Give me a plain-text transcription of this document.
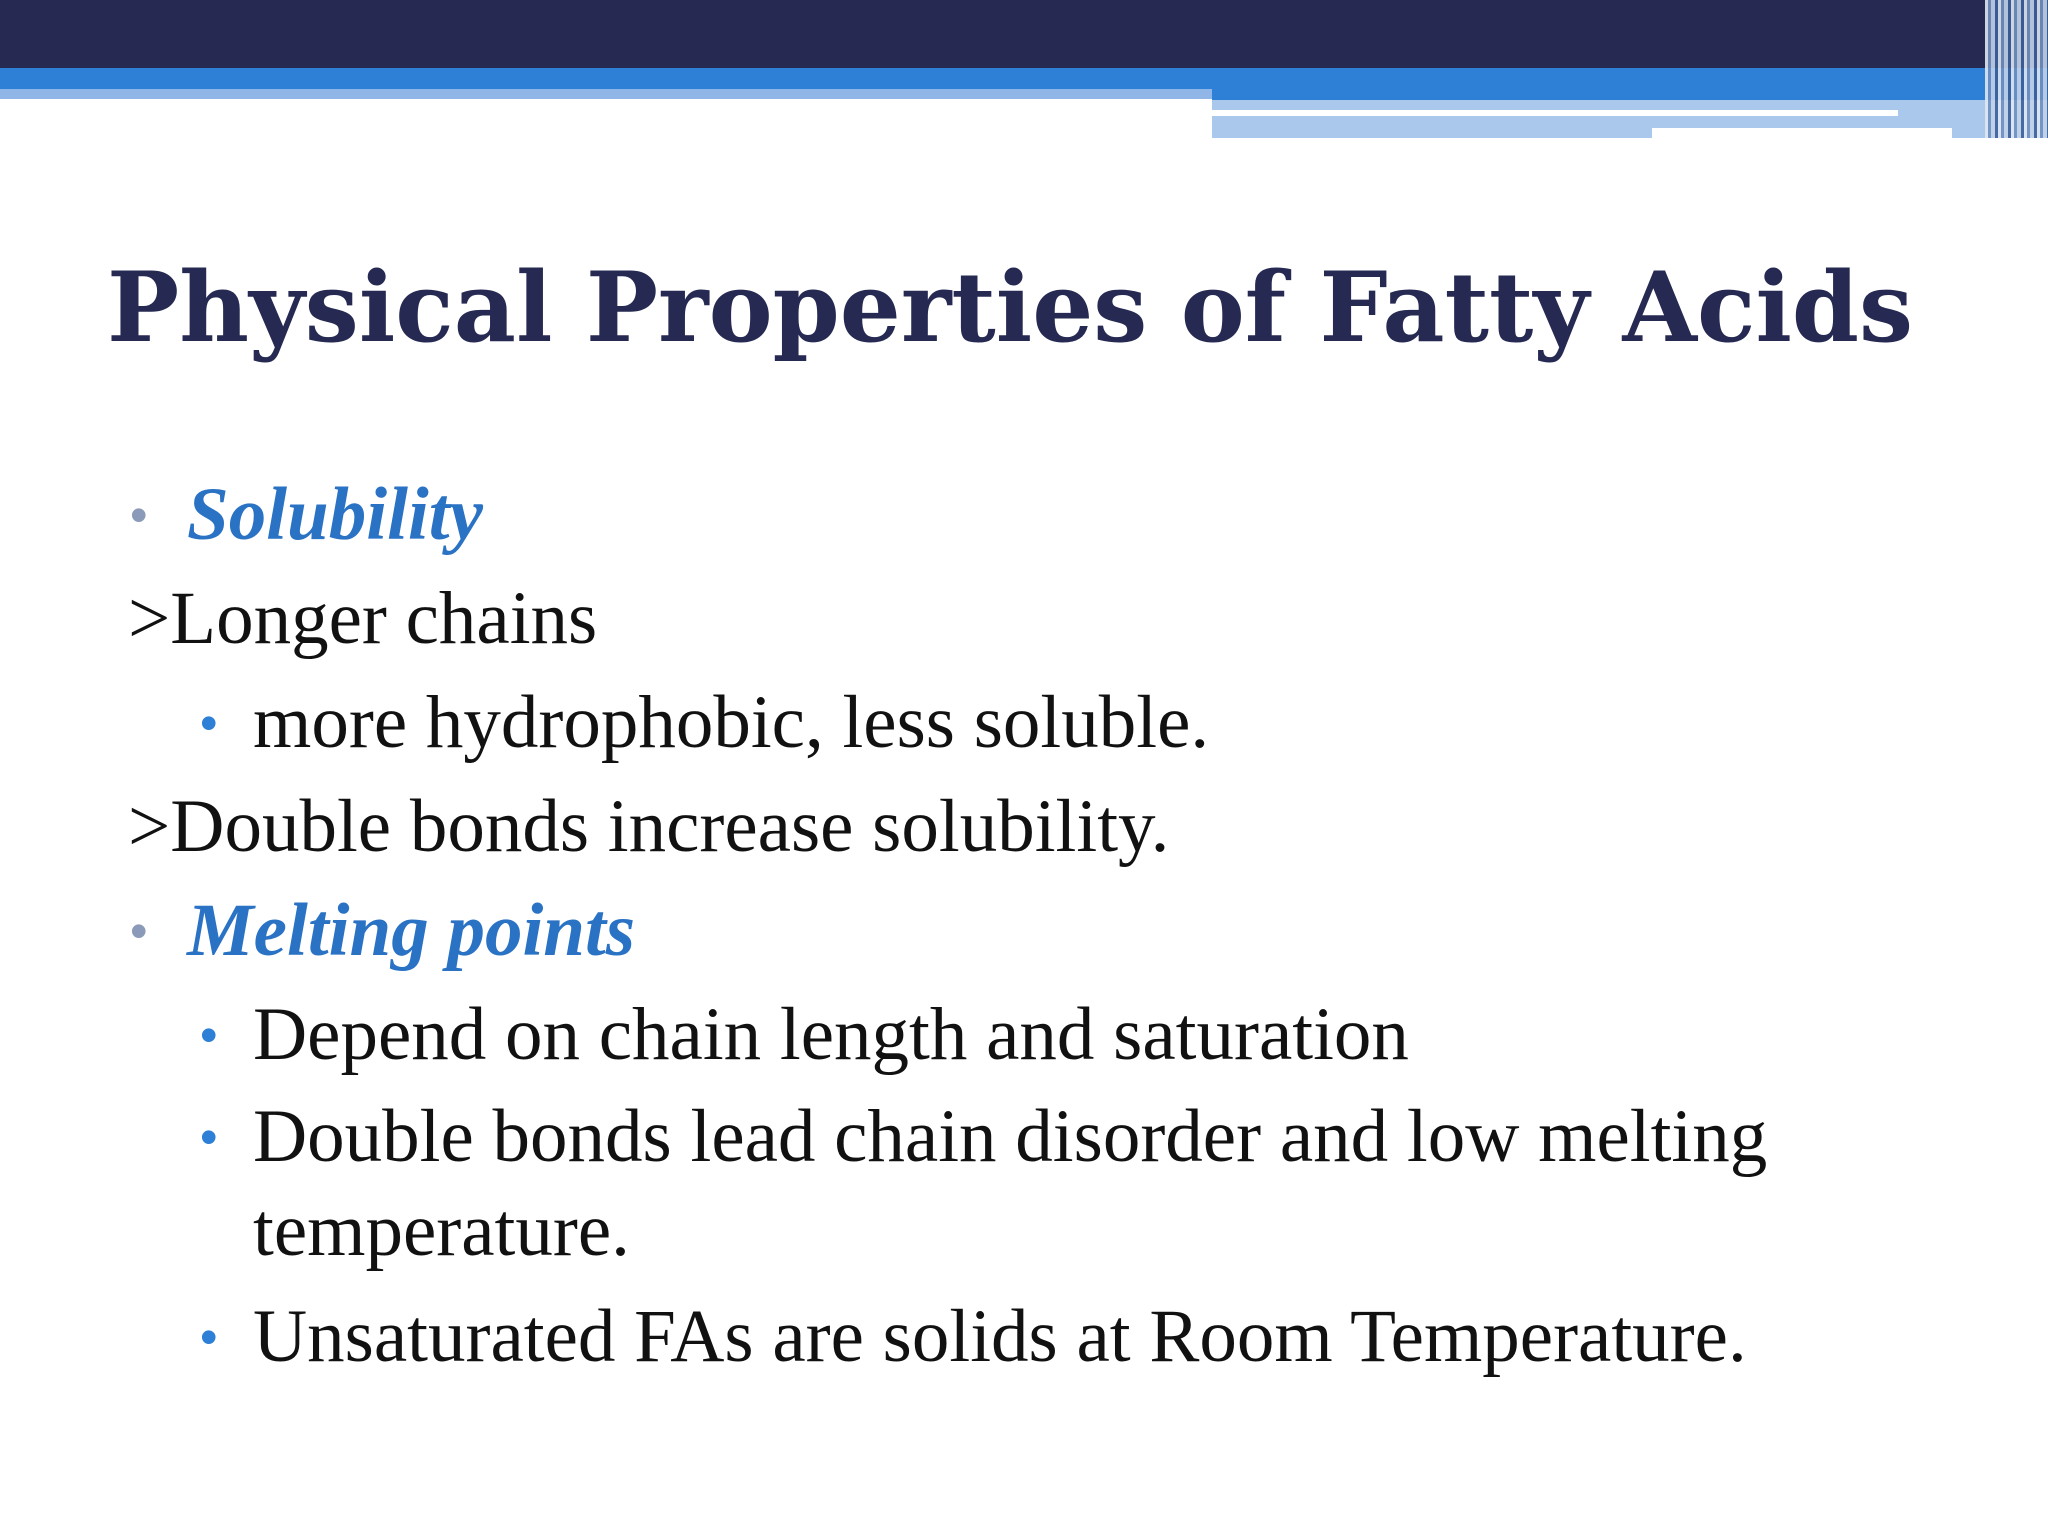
Physical Properties of Fatty Acids
• Solubility
>Longer chains
• more hydrophobic, less soluble.
>Double bonds increase solubility.
• Melting points
• Depend on chain length and saturation
• Double bonds lead chain disorder and low melting
temperature.
• Unsaturated FAs are solids at Room Temperature.
